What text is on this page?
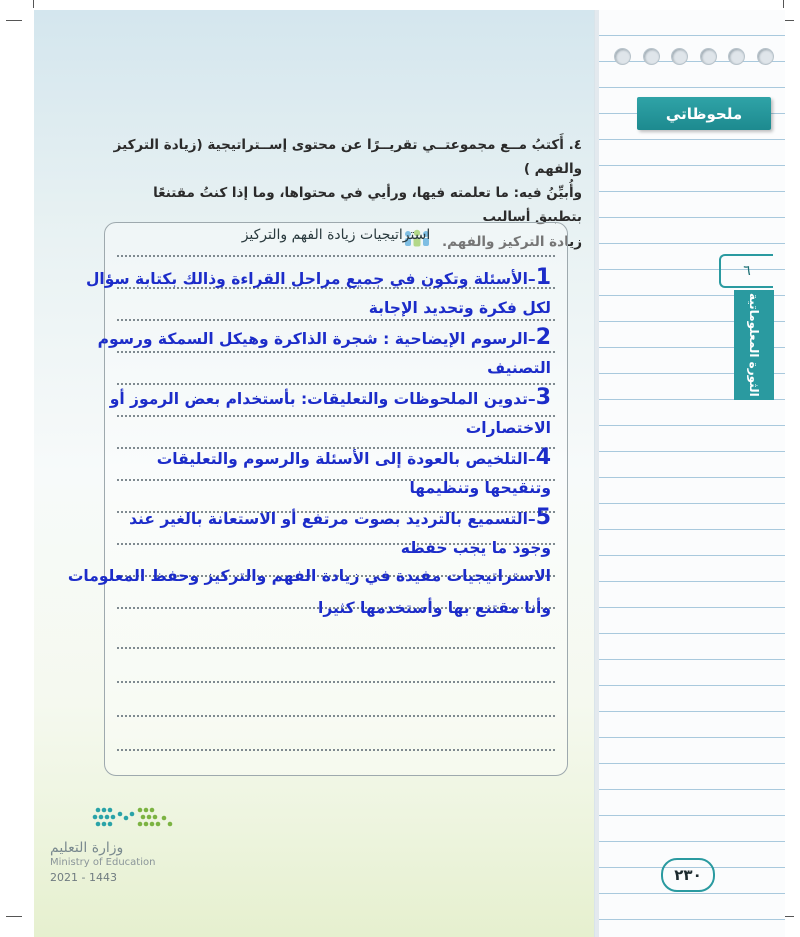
ملحوظاتي
٦
الثورة المعلوماتية
٤. أَكتبُ مــع مجموعتــي تقريــرًا عن محتوى إســتراتيجية (زيادة التركيز والفهم )
وأُبيِّنُ فيه: ما تعلمته فيها، ورأيي في محتواها، وما إذا كنتُ مقتنعًا بتطبيق أساليب
زيادة التركيز والفهم.
استراتيجيات زيادة الفهم والتركيز
1–الأسئلة وتكون في جميع مراحل القراءة وذالك بكتابة سؤال
لكل فكرة وتحديد الإجابة
2–الرسوم الإيضاحية : شجرة الذاكرة وهيكل السمكة ورسوم
التصنيف
3–تدوين الملحوظات والتعليقات: بأستخدام بعض الرموز أو
الاختصارات
4–التلخيص بالعودة إلى الأسئلة والرسوم والتعليقات
وتنقيحها وتنظيمها
5–التسميع بالترديد بصوت مرتفع أو الاستعانة بالغير عند
وجود ما يجب حفظه
الاستراتيجيات مفيدة في زيادة الفهم والتركيز وحفظ المعلومات
وأنا مقتنع بها وأستخدمها كثيرا
وزارة التعليم
Ministry of Education
2021 - 1443	٢٣٠
